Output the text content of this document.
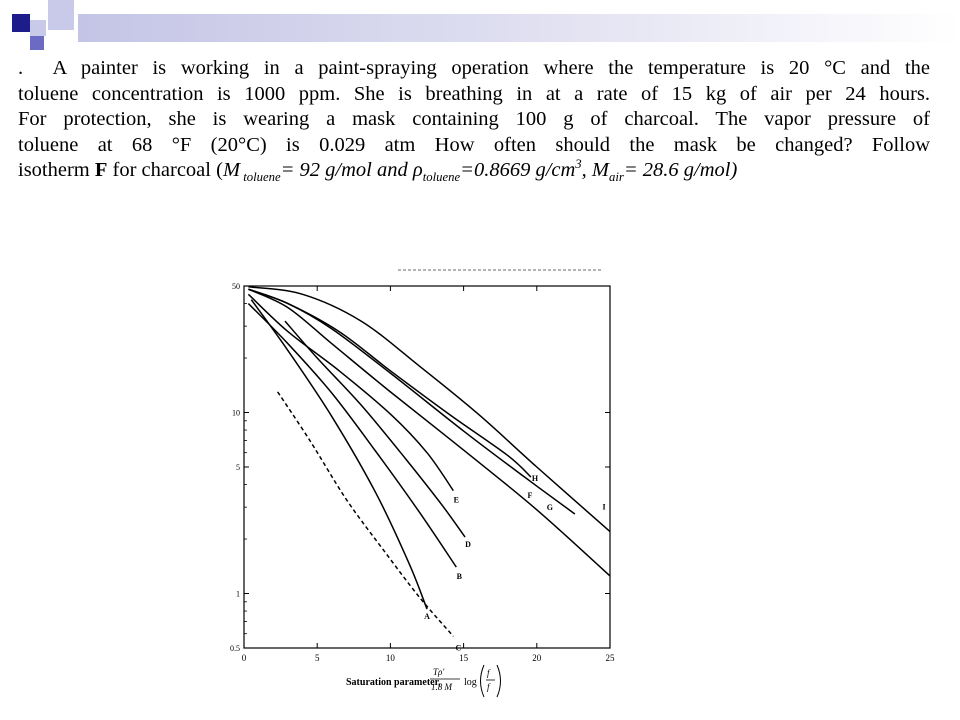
. A painter is working in a paint-spraying operation where the temperature is 20 °C and the
toluene concentration is 1000 ppm. She is breathing in at a rate of 15 kg of air per 24 hours.
For protection, she is wearing a mask containing 100 g of charcoal. The vapor pressure of
toluene at 68 °F (20°C) is 0.029 atm How often should the mask be changed? Follow
isotherm F for charcoal (M $_{toluene}$= 92 g/mol and $\rho_{toluene}=0.8669$ $g/cm^3$, $M_{air}= 28.6$ g/mol)
0	5	10	15	20	25
0.5
1
5
10
50
A
B
C
D
E
F
G
H
I
Saturation parameter,
Tρ'
1.8 M log
f
f
